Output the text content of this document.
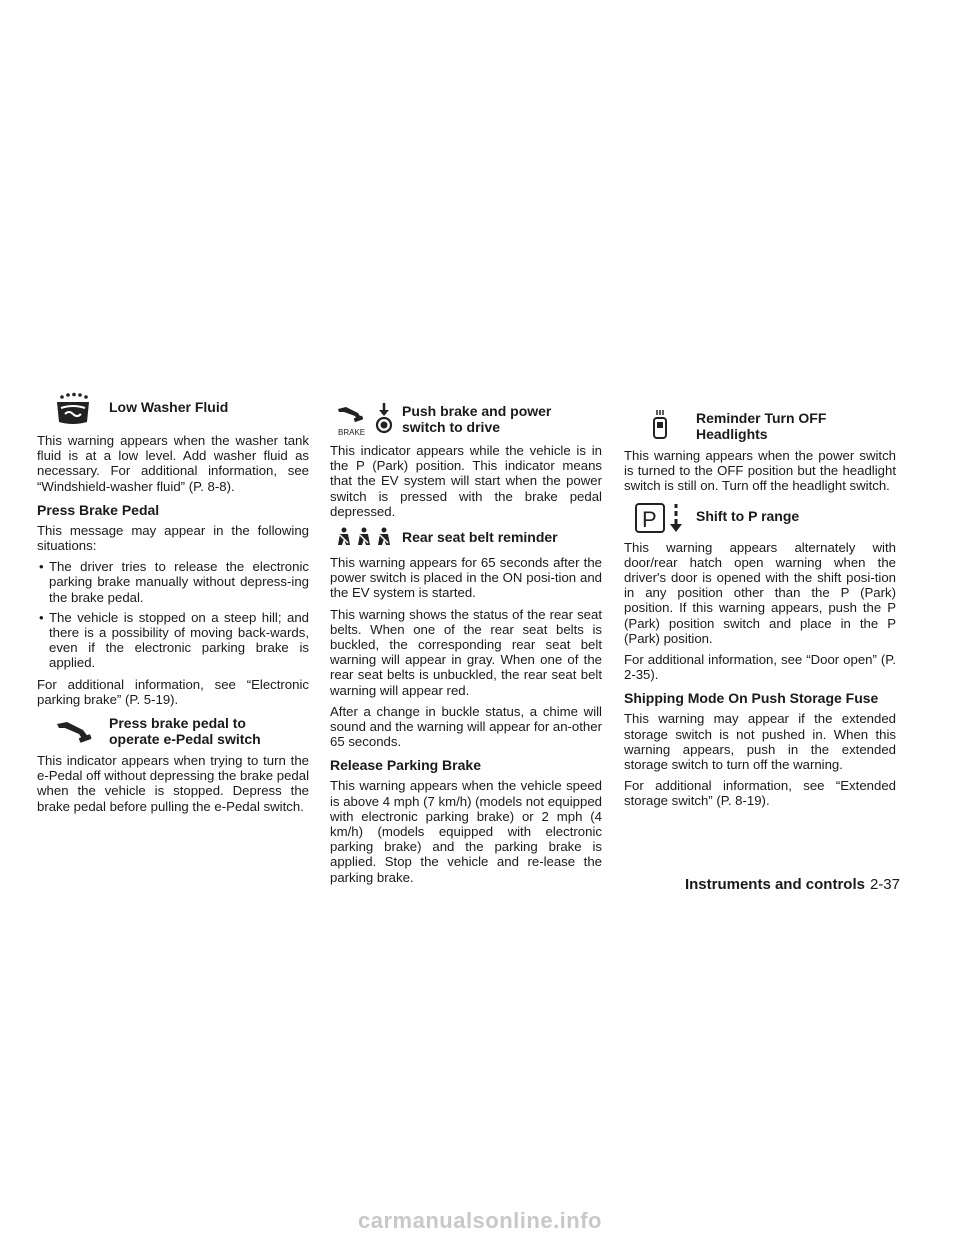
Low Washer Fluid

This warning appears when the washer tank fluid is at a low level. Add washer fluid as necessary. For additional information, see “Windshield-washer fluid” (P. 8-8).

Press Brake Pedal

This message may appear in the following situations:

• The driver tries to release the electronic parking brake manually without depress-ing the brake pedal.
• The vehicle is stopped on a steep hill; and there is a possibility of moving back-wards, even if the electronic parking brake is applied.

For additional information, see “Electronic parking brake” (P. 5-19).

Press brake pedal to
operate e-Pedal switch

This indicator appears when trying to turn the e-Pedal off without depressing the brake pedal when the vehicle is stopped. Depress the brake pedal before pulling the e-Pedal switch.

BRAKE
Push brake and power
switch to drive

This indicator appears while the vehicle is in the P (Park) position. This indicator means that the EV system will start when the power switch is pressed with the brake pedal depressed.

Rear seat belt reminder

This warning appears for 65 seconds after the power switch is placed in the ON posi-tion and the EV system is started.

This warning shows the status of the rear seat belts. When one of the rear seat belts is buckled, the corresponding rear seat belt warning will appear in gray. When one of the rear seat belts is unbuckled, the rear seat belt warning will appear red.

After a change in buckle status, a chime will sound and the warning will appear for an-other 65 seconds.

Release Parking Brake

This warning appears when the vehicle speed is above 4 mph (7 km/h) (models not equipped with electronic parking brake) or 2 mph (4 km/h) (models equipped with electronic parking brake) and the parking brake is applied. Stop the vehicle and re-lease the parking brake.

Reminder Turn OFF
Headlights

This warning appears when the power switch is turned to the OFF position but the headlight switch is still on. Turn off the headlight switch.

P	Shift to P range

This warning appears alternately with door/rear hatch open warning when the driver's door is opened with the shift posi-tion in any position other than the P (Park) position. If this warning appears, push the P (Park) position switch and place in the P (Park) position.

For additional information, see “Door open” (P. 2-35).

Shipping Mode On Push Storage Fuse

This warning may appear if the extended storage switch is not pushed in. When this warning appears, push in the extended storage switch to turn off the warning.

For additional information, see “Extended storage switch” (P. 8-19).

Instruments and controls 2-37
carmanualsonline.info
